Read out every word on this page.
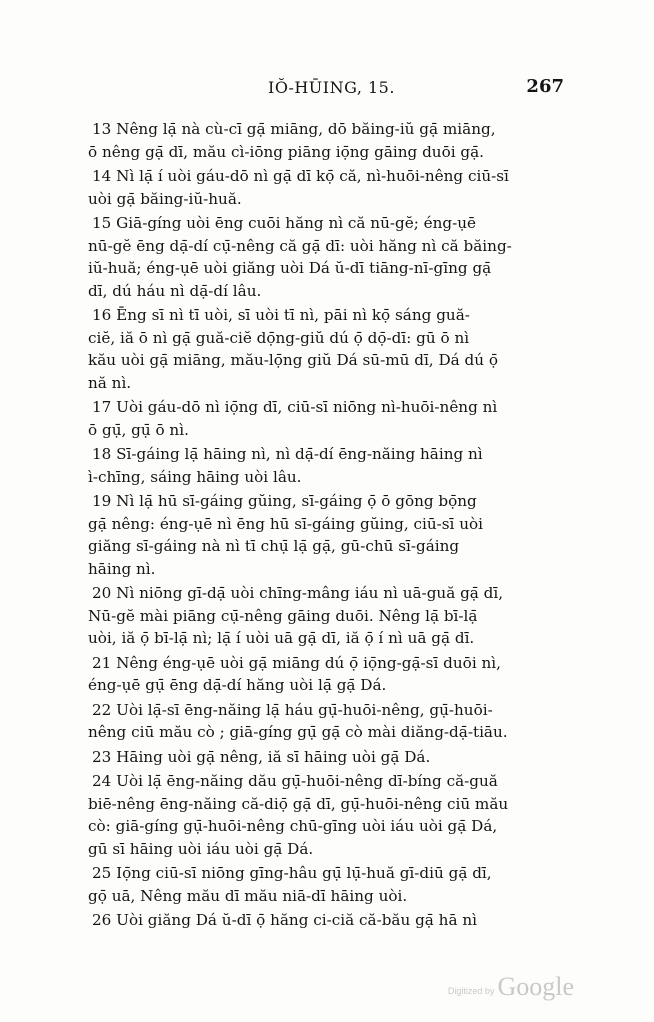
IŎ-HŪING, 15.	267
13 Nêng lạ̄ nà cù-cī gạ̄ miāng, dō băing-iŭ gạ̄ miāng,
ō nêng gạ̄ dī, mău cì-iōng piāng iọ̄ng gāing duōi gạ̄.
14 Nì lạ̄ í uòi gáu-dō nì gạ̄ dī kọ̄ că, nì-huōi-nêng ciū-sī
uòi gạ̄ băing-iŭ-huă.
15 Giā-gíng uòi ēng cuōi hăng nì că nū-gĕ; éng-ụē
nū-gĕ ēng dạ̄-dí cụ̄-nêng că gạ̄ dī: uòi hăng nì că băing-
iŭ-huă; éng-ụē uòi giăng uòi Dá ŭ-dī tiāng-nī-gīng gạ̄
dī, dú háu nì dạ̄-dí lâu.
16 Ēng sī nì tī uòi, sī uòi tī nì, pāi nì kọ̄ sáng guă-
ciĕ, iă ō nì gạ̄ guă-ciĕ dọ̄ng-giŭ dú ọ̄ dọ̄-dī: gū ō nì
kău uòi gạ̄ miāng, mău-lọ̄ng giŭ Dá sū-mū dī, Dá dú ọ̄
nă nì.
17 Uòi gáu-dō nì iọ̄ng dī, ciū-sī niōng nì-huōi-nêng nì
ō gụ̄, gụ̄ ō nì.
18 Sī-gáing lạ̄ hāing nì, nì dạ̄-dí ēng-năing hāing nì
ì-chīng, sáing hāing uòi lâu.
19 Nì lạ̄ hū sī-gáing gŭing, sī-gáing ọ̄ ō gōng bọ̄ng
gạ̄ nêng: éng-ụē nì ēng hū sī-gáing gŭing, ciū-sī uòi
giăng sī-gáing nà nì tī chụ̄ lạ̄ gạ̄, gū-chū sī-gáing
hāing nì.
20 Nì niōng gī-dạ̄ uòi chīng-mâng iáu nì uā-guă gạ̄ dī,
Nū-gĕ mài piāng cụ̄-nêng gāing duōi. Nêng lạ̄ bī-lạ̄
uòi, iă ọ̄ bī-lạ̄ nì; lạ̄ í uòi uā gạ̄ dī, iă ọ̄ í nì uā gạ̄ dī.
21 Nêng éng-ụē uòi gạ̄ miāng dú ọ̄ iọ̄ng-gạ̄-sī duōi nì,
éng-ụē gụ̄ ēng dạ̄-dí hăng uòi lạ̄ gạ̄ Dá.
22 Uòi lạ̄-sī ēng-năing lạ̄ háu gụ̄-huōi-nêng, gụ̄-huōi-
nêng ciū mău cò ; giā-gíng gụ̄ gạ̄ cò mài diăng-dạ̄-tiāu.
23 Hāing uòi gạ̄ nêng, iă sī hāing uòi gạ̄ Dá.
24 Uòi lạ̄ ēng-năing dău gụ̄-huōi-nêng dī-bíng că-guă
biē-nêng ēng-năing că-diọ̄ gạ̄ dī, gụ̄-huōi-nêng ciū mău
cò: giā-gíng gụ̄-huōi-nêng chū-gīng uòi iáu uòi gạ̄ Dá,
gū sī hāing uòi iáu uòi gạ̄ Dá.
25 Iọ̄ng ciū-sī niōng gīng-hâu gụ̄ lụ̄-huă gī-diū gạ̄ dī,
gọ̄ uā, Nêng mău dī mău niā-dī hāing uòi.
26 Uòi giăng Dá ŭ-dī ọ̄ hăng ci-ciă că-bău gạ̄ hā nì
Digitized by Google
